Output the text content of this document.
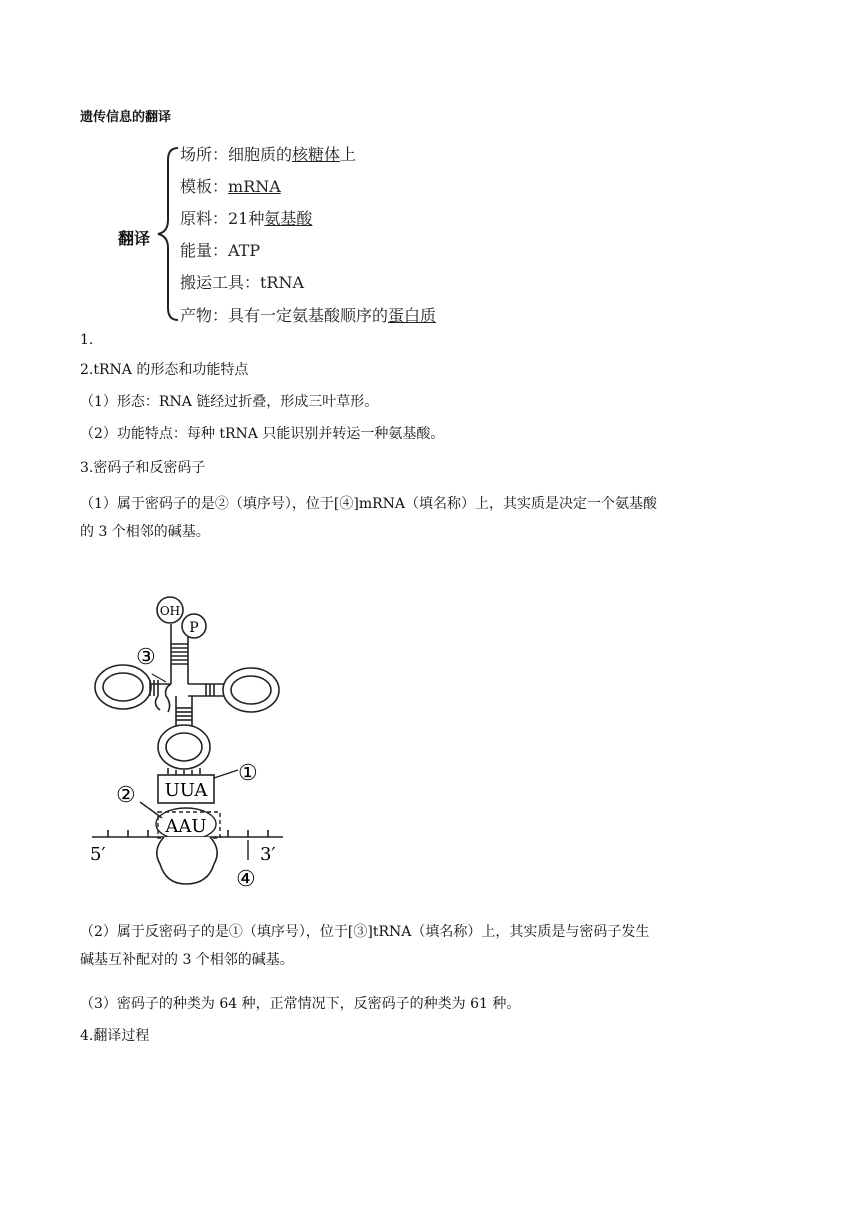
遗传信息的翻译
翻译
场所：细胞质的核糖体上
模板：mRNA
原料：21种氨基酸
能量：ATP
搬运工具：tRNA
产物：具有一定氨基酸顺序的蛋白质
1.
2.tRNA 的形态和功能特点
（1）形态：RNA 链经过折叠，形成三叶草形。
（2）功能特点：每种 tRNA 只能识别并转运一种氨基酸。
3.密码子和反密码子
（1）属于密码子的是②（填序号），位于[④]mRNA（填名称）上，其实质是决定一个氨基酸
的 3 个相邻的碱基。
OH
P
UUA
①
AAU
②
5′	3′
④
③
（2）属于反密码子的是①（填序号），位于[③]tRNA（填名称）上，其实质是与密码子发生
碱基互补配对的 3 个相邻的碱基。
（3）密码子的种类为 64 种，正常情况下，反密码子的种类为 61 种。
4.翻译过程
